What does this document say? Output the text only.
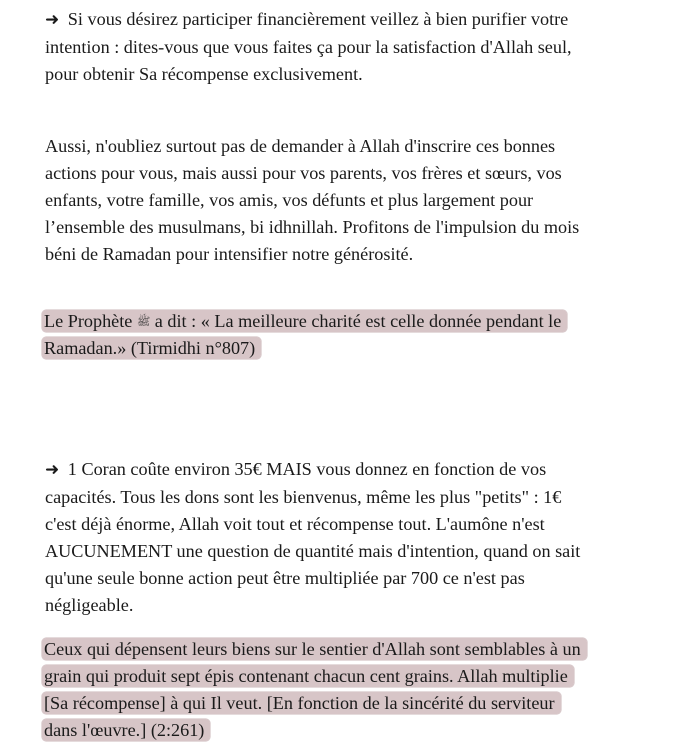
➜ Si vous désirez participer financièrement veillez à bien purifier votre
intention : dites-vous que vous faites ça pour la satisfaction d'Allah seul,
pour obtenir Sa récompense exclusivement.

Aussi, n'oubliez surtout pas de demander à Allah d'inscrire ces bonnes
actions pour vous, mais aussi pour vos parents, vos frères et sœurs, vos
enfants, votre famille, vos amis, vos défunts et plus largement pour
l’ensemble des musulmans, bi idhnillah. Profitons de l'impulsion du mois
béni de Ramadan pour intensifier notre générosité.

Le Prophète ﷺ a dit : « La meilleure charité est celle donnée pendant le
Ramadan.» (Tirmidhi n°807)

➜ 1 Coran coûte environ 35€ MAIS vous donnez en fonction de vos
capacités. Tous les dons sont les bienvenus, même les plus "petits" : 1€
c'est déjà énorme, Allah voit tout et récompense tout. L'aumône n'est
AUCUNEMENT une question de quantité mais d'intention, quand on sait
qu'une seule bonne action peut être multipliée par 700 ce n'est pas
négligeable.

Ceux qui dépensent leurs biens sur le sentier d'Allah sont semblables à un
grain qui produit sept épis contenant chacun cent grains. Allah multiplie
[Sa récompense] à qui Il veut. [En fonction de la sincérité du serviteur
dans l'œuvre.] (2:261)
